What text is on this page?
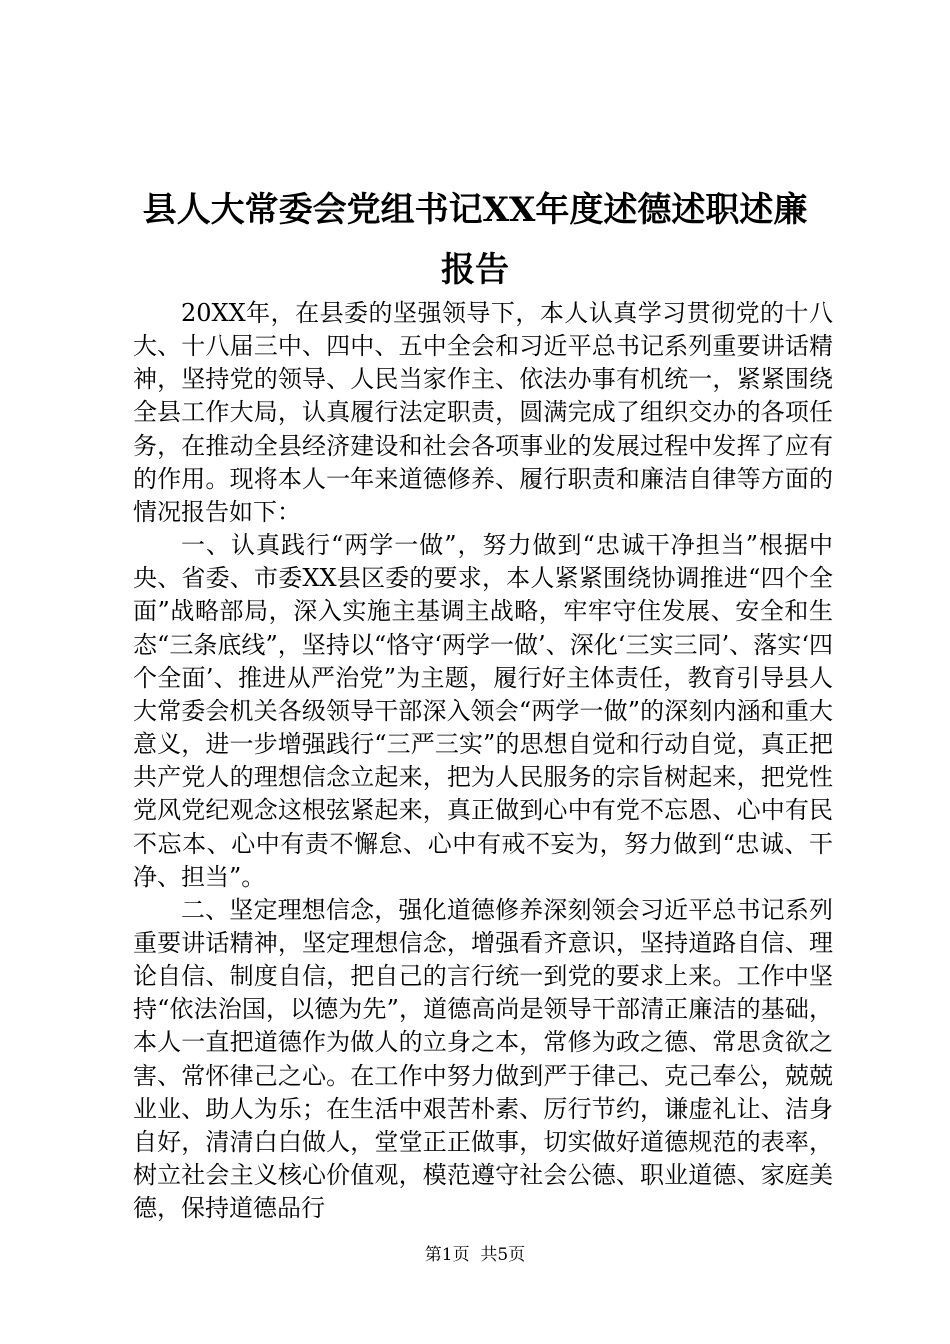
县人大常委会党组书记XX年度述德述职述廉
报告

20XX年，在县委的坚强领导下，本人认真学习贯彻党的十八大、十八届三中、四中、五中全会和习近平总书记系列重要讲话精神，坚持党的领导、人民当家作主、依法办事有机统一，紧紧围绕全县工作大局，认真履行法定职责，圆满完成了组织交办的各项任务，在推动全县经济建设和社会各项事业的发展过程中发挥了应有的作用。现将本人一年来道德修养、履行职责和廉洁自律等方面的情况报告如下：

一、认真践行“两学一做”，努力做到“忠诚干净担当”根据中央、省委、市委XX县区委的要求，本人紧紧围绕协调推进“四个全面”战略部局，深入实施主基调主战略，牢牢守住发展、安全和生态“三条底线”，坚持以“恪守‘两学一做’、深化‘三实三同’、落实‘四个全面’、推进从严治党”为主题，履行好主体责任，教育引导县人大常委会机关各级领导干部深入领会“两学一做”的深刻内涵和重大意义，进一步增强践行“三严三实”的思想自觉和行动自觉，真正把共产党人的理想信念立起来，把为人民服务的宗旨树起来，把党性党风党纪观念这根弦紧起来，真正做到心中有党不忘恩、心中有民不忘本、心中有责不懈怠、心中有戒不妄为，努力做到“忠诚、干净、担当”。

二、坚定理想信念，强化道德修养深刻领会习近平总书记系列重要讲话精神，坚定理想信念，增强看齐意识，坚持道路自信、理论自信、制度自信，把自己的言行统一到党的要求上来。工作中坚持“依法治国，以德为先”，道德高尚是领导干部清正廉洁的基础，本人一直把道德作为做人的立身之本，常修为政之德、常思贪欲之害、常怀律己之心。在工作中努力做到严于律己、克己奉公，兢兢业业、助人为乐；在生活中艰苦朴素、厉行节约，谦虚礼让、洁身自好，清清白白做人，堂堂正正做事，切实做好道德规范的表率，树立社会主义核心价值观，模范遵守社会公德、职业道德、家庭美德，保持道德品行

第1页 共5页
